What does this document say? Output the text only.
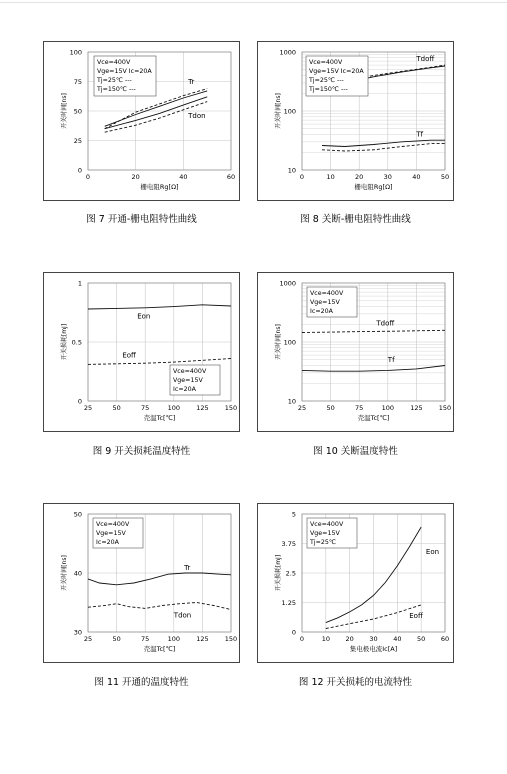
0
25
50
75
100
0	20	40	60
栅电阻Rg[Ω]
开关时间[ns]
Tr
Tdon
Vce=400V
Vge=15V Ic=20A
Tj=25℃ ---
Tj=150℃ ---
10
100
1000
0	10	20	30	40	50
栅电阻Rg[Ω]
开关时间[ns]
Tdoff
Tf
Vce=400V
Vge=15V Ic=20A
Tj=25℃ ---
Tj=150℃ ---
0
0.5
1
25	50	75	100 125 150
壳温Tc[℃]
开关损耗[mJ]
Eon
Eoff
Vce=400V
Vge=15V
Ic=20A
10
100
1000
25	50	75	100 125 150
壳温Tc[℃]
开关时间[ns]
Tdoff
Tf
Vce=400V
Vge=15V
Ic=20A
30
40
50
25	50	75	100 125 150
壳温Tc[℃]
开关时间[ns]	Tr
Tdon
Vce=400V
Vge=15V
Ic=20A
0
1.25
2.5
3.75
5
0	10 20 30 40 50 60
集电极电流Ic[A]
开关损耗[mJ]
Eon
Eoff
Vce=400V
Vge=15V
Tj=25℃
图 7 开通-栅电阻特性曲线	图 8 关断-栅电阻特性曲线
图 9 开关损耗温度特性	图 10 关断温度特性
图 11 开通的温度特性	图 12 开关损耗的电流特性
